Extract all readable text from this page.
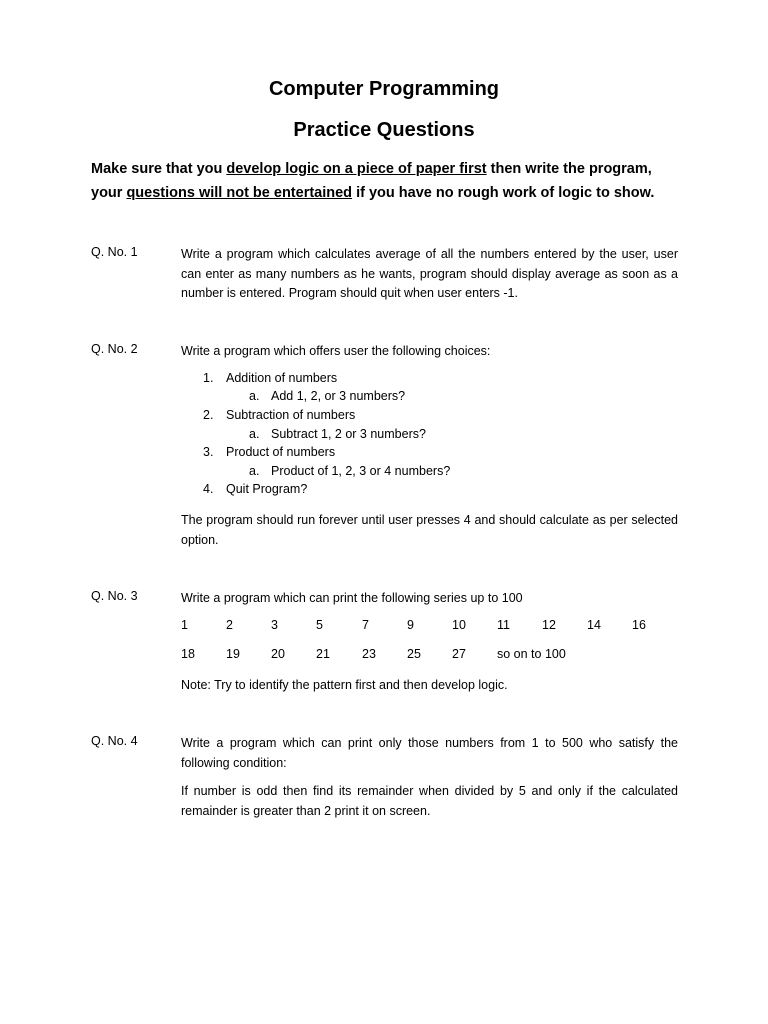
Computer Programming
Practice Questions
Make sure that you develop logic on a piece of paper first then write the program, your questions will not be entertained if you have no rough work of logic to show.
Q. No. 1	Write a program which calculates average of all the numbers entered by the user, user can enter as many numbers as he wants, program should display average as soon as a number is entered. Program should quit when user enters -1.
Q. No. 2	Write a program which offers user the following choices:
1. Addition of numbers
a. Add 1, 2, or 3 numbers?
2. Subtraction of numbers
a. Subtract 1, 2 or 3 numbers?
3. Product of numbers
a. Product of 1, 2, 3 or 4 numbers?
4. Quit Program?
The program should run forever until user presses 4 and should calculate as per selected option.
Q. No. 3	Write a program which can print the following series up to 100
1	2	3	5	7	9	10 11	12 14 16
18 19 20 21	23 25 27 so on to 100
Note: Try to identify the pattern first and then develop logic.
Q. No. 4	Write a program which can print only those numbers from 1 to 500 who satisfy the following condition:
If number is odd then find its remainder when divided by 5 and only if the calculated remainder is greater than 2 print it on screen.
